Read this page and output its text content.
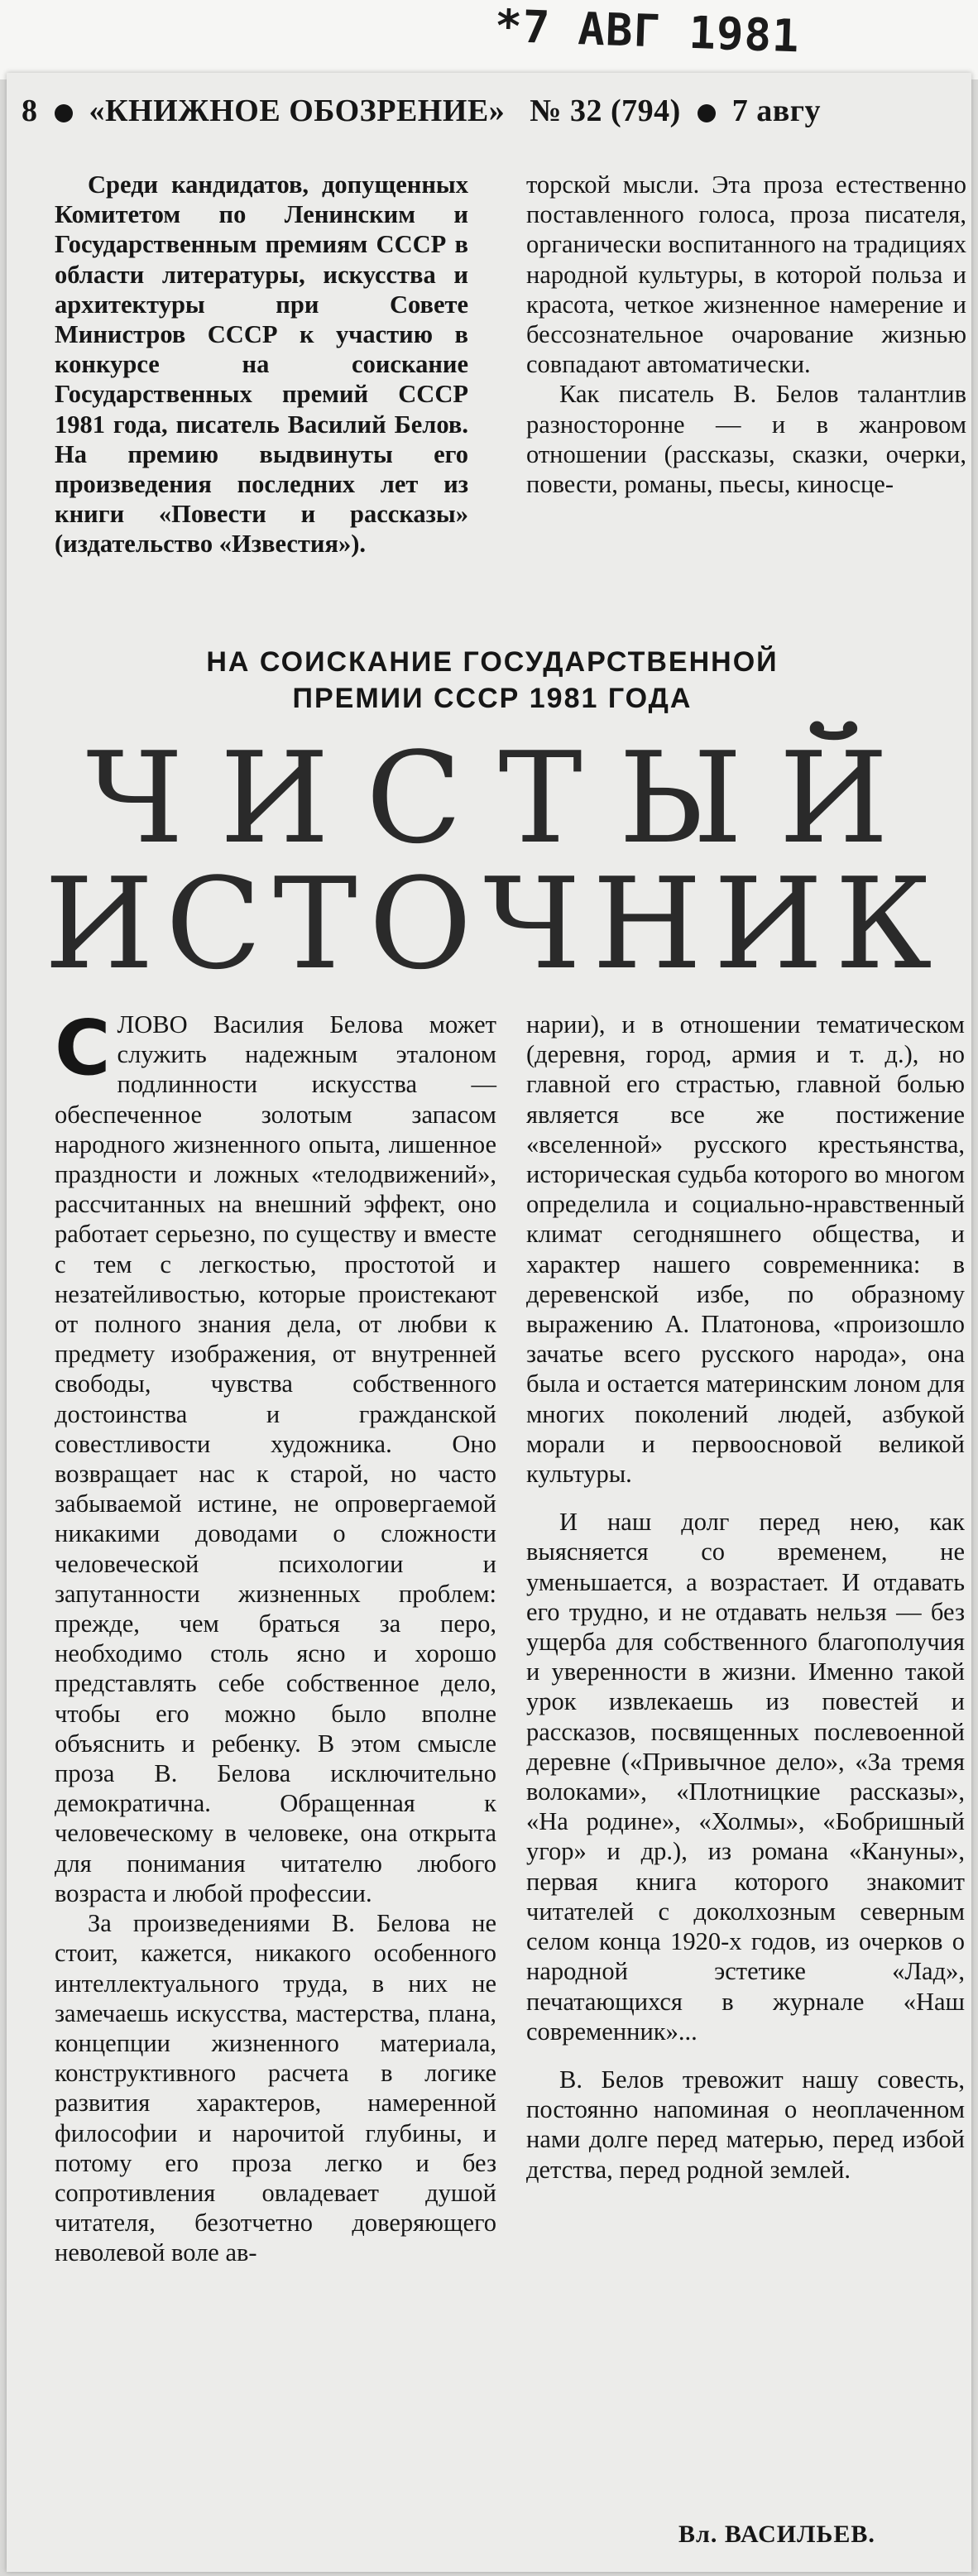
*7 АВГ 1981
8 «КНИЖНОЕ ОБОЗРЕНИЕ» № 32 (794) 7 авгу

Среди кандидатов, допущенных Комитетом по Ленинским и Государственным премиям СССР в области литературы, искусства и архитектуры при Совете Министров СССР к участию в конкурсе на соискание Государственных премий СССР 1981 года, писатель Василий Белов. На премию выдвинуты его произведения последних лет из книги «Повести и рассказы» (издательство «Известия»).

торской мысли. Эта проза естественно поставленного голоса, проза писателя, органически воспитанного на традициях народной культуры, в которой польза и красота, четкое жизненное намерение и бессознательное очарование жизнью совпадают автоматически.

Как писатель В. Белов талантлив разносторонне — и в жанровом отношении (рассказы, сказки, очерки, повести, романы, пьесы, киносце-

НА СОИСКАНИЕ ГОСУДАРСТВЕННОЙ
ПРЕМИИ СССР 1981 ГОДА
ЧИСТЫЙ
ИСТОЧНИК

СЛОВО Василия Белова может служить надежным эталоном подлинности искусства — обеспеченное золотым запасом народного жизненного опыта, лишенное праздности и ложных «телодвижений», рассчитанных на внешний эффект, оно работает серьезно, по существу и вместе с тем с легкостью, простотой и незатейливостью, которые проистекают от полного знания дела, от любви к предмету изображения, от внутренней свободы, чувства собственного достоинства и гражданской совестливости художника. Оно возвращает нас к старой, но часто забываемой истине, не опровергаемой никакими доводами о сложности человеческой психологии и запутанности жизненных проблем: прежде, чем браться за перо, необходимо столь ясно и хорошо представлять себе собственное дело, чтобы его можно было вполне объяснить и ребенку. В этом смысле проза В. Белова исключительно демократична. Обращенная к человеческому в человеке, она открыта для понимания читателю любого возраста и любой профессии.

За произведениями В. Белова не стоит, кажется, никакого особенного интеллектуального труда, в них не замечаешь искусства, мастерства, плана, концепции жизненного материала, конструктивного расчета в логике развития характеров, намеренной философии и нарочитой глубины, и потому его проза легко и без сопротивления овладевает душой читателя, безотчетно доверяющего неволевой воле ав-

нарии), и в отношении тематическом (деревня, город, армия и т. д.), но главной его страстью, главной болью является все же постижение «вселенной» русского крестьянства, историческая судьба которого во многом определила и социально-нравственный климат сегодняшнего общества, и характер нашего современника: в деревенской избе, по образному выражению А. Платонова, «произошло зачатье всего русского народа», она была и остается материнским лоном для многих поколений людей, азбукой морали и первоосновой великой культуры.

И наш долг перед нею, как выясняется со временем, не уменьшается, а возрастает. И отдавать его трудно, и не отдавать нельзя — без ущерба для собственного благополучия и уверенности в жизни. Именно такой урок извлекаешь из повестей и рассказов, посвященных послевоенной деревне («Привычное дело», «За тремя волоками», «Плотницкие рассказы», «На родине», «Холмы», «Бобришный угор» и др.), из романа «Кануны», первая книга которого знакомит читателей с доколхозным северным селом конца 1920-х годов, из очерков о народной эстетике «Лад», печатающихся в журнале «Наш современник»...

В. Белов тревожит нашу совесть, постоянно напоминая о неоплаченном нами долге перед матерью, перед избой детства, перед родной землей.

Вл. ВАСИЛЬЕВ.
